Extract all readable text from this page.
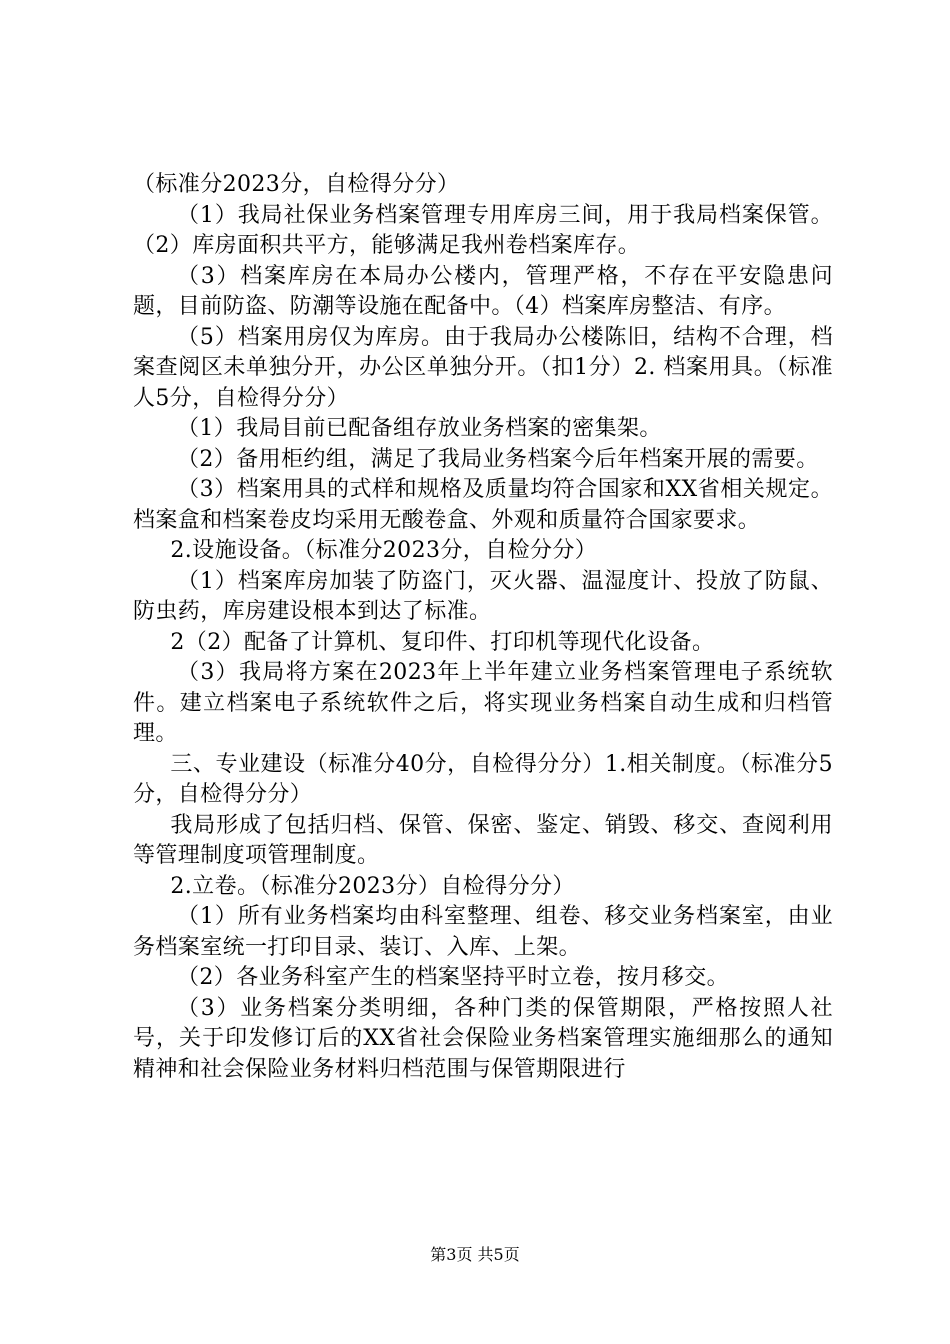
（标准分2023分，自检得分分）

（1）我局社保业务档案管理专用库房三间，用于我局档案保管。（2）库房面积共平方，能够满足我州卷档案库存。

（3）档案库房在本局办公楼内，管理严格，不存在平安隐患问题，目前防盗、防潮等设施在配备中。（4）档案库房整洁、有序。

（5）档案用房仅为库房。由于我局办公楼陈旧，结构不合理，档案查阅区未单独分开，办公区单独分开。（扣1分）2. 档案用具。（标准人5分，自检得分分）

（1）我局目前已配备组存放业务档案的密集架。

（2）备用柜约组，满足了我局业务档案今后年档案开展的需要。

（3）档案用具的式样和规格及质量均符合国家和XX省相关规定。档案盒和档案卷皮均采用无酸卷盒、外观和质量符合国家要求。

2.设施设备。（标准分2023分，自检分分）

（1）档案库房加装了防盗门，灭火器、温湿度计、投放了防鼠、防虫药，库房建设根本到达了标准。

2（2）配备了计算机、复印件、打印机等现代化设备。

（3）我局将方案在2023年上半年建立业务档案管理电子系统软件。建立档案电子系统软件之后，将实现业务档案自动生成和归档管理。

三、专业建设（标准分40分，自检得分分）1.相关制度。（标准分5分，自检得分分）

我局形成了包括归档、保管、保密、鉴定、销毁、移交、查阅利用等管理制度项管理制度。

2.立卷。（标准分2023分）自检得分分）

（1）所有业务档案均由科室整理、组卷、移交业务档案室，由业务档案室统一打印目录、装订、入库、上架。

（2）各业务科室产生的档案坚持平时立卷，按月移交。

（3）业务档案分类明细，各种门类的保管期限，严格按照人社号，关于印发修订后的XX省社会保险业务档案管理实施细那么的通知精神和社会保险业务材料归档范围与保管期限进行

第3页 共5页
